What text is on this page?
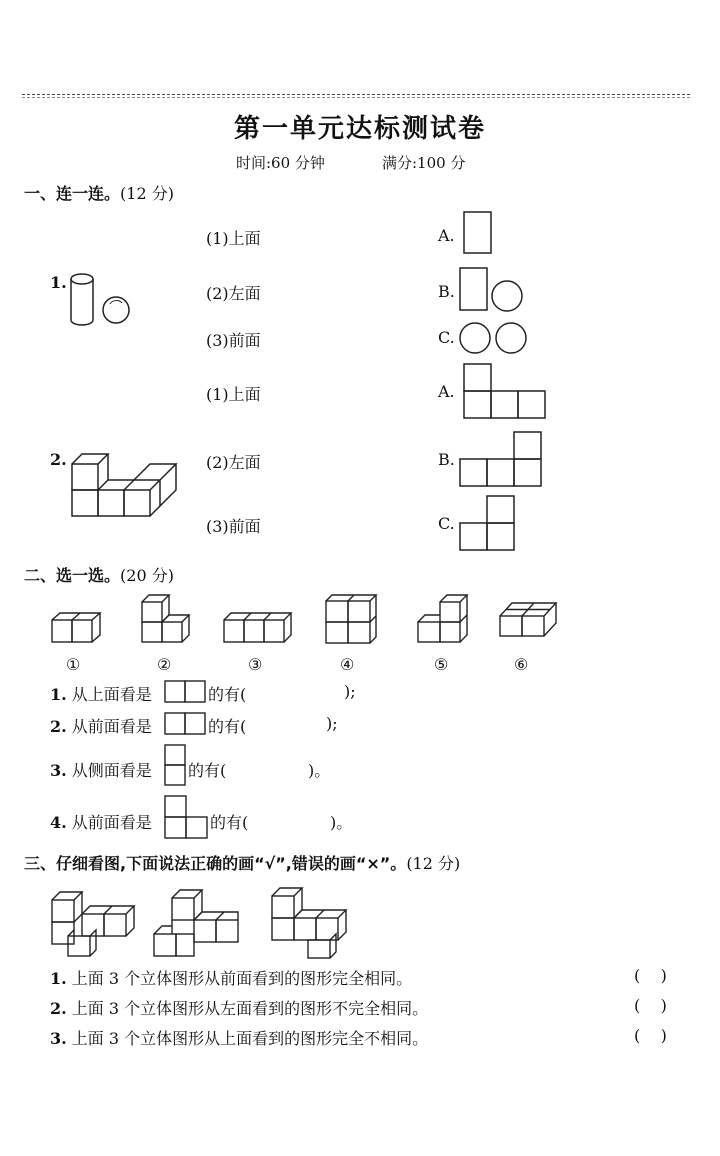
第一单元达标测试卷
时间:60 分钟	满分:100 分
一、连一连。(12 分)
1.
(1)上面
(2)左面
(3)前面
A.
B.
C.
2.
(1)上面
(2)左面
(3)前面
A.
B.
C.
二、选一选。(20 分)
①	②	③	④	⑤	⑥
1. 从上面看是	的有(	);
2. 从前面看是	的有(	);
3. 从侧面看是 的有(	)。
4. 从前面看是	的有(	)。
三、仔细看图,下面说法正确的画“√”,错误的画“×”。(12 分)
1. 上面 3 个立体图形从前面看到的图形完全相同。	(    )
2. 上面 3 个立体图形从左面看到的图形不完全相同。	(    )
3. 上面 3 个立体图形从上面看到的图形完全不相同。	(    )
